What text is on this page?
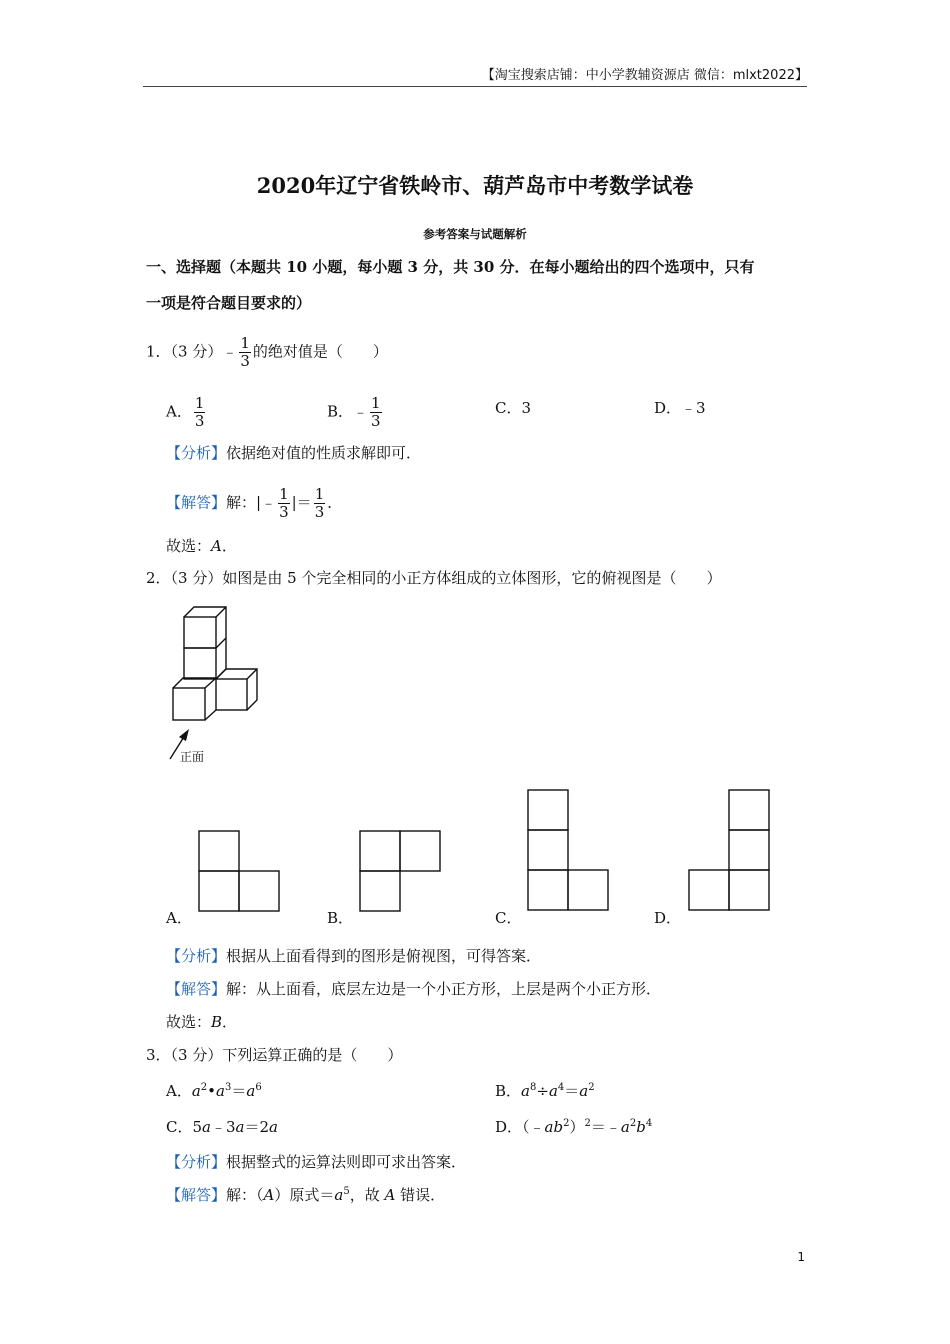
【淘宝搜索店铺：中小学教辅资源店 微信：mlxt2022】
2020年辽宁省铁岭市、葫芦岛市中考数学试卷
参考答案与试题解析
一、选择题（本题共 10 小题，每小题 3 分，共 30 分．在每小题给出的四个选项中，只有
一项是符合题目要求的）
1．（3 分）﹣ $\frac{1}{3}$ 的绝对值是（　　）
A． $\frac{1}{3}$	B．﹣ $\frac{1}{3}$	C．3	D．﹣3
【分析】依据绝对值的性质求解即可．
【解答】解：|﹣ $\frac{1}{3}$ |＝ $\frac{1}{3}$ ．
故选：A．
2．（3 分）如图是由 5 个完全相同的小正方体组成的立体图形，它的俯视图是（　　）
正面
A．	B．	C．	D．
【分析】根据从上面看得到的图形是俯视图，可得答案．
【解答】解：从上面看，底层左边是一个小正方形，上层是两个小正方形．
故选：B．
3．（3 分）下列运算正确的是（　　）
A．$a^2•a^3=a^6$	B．$a^8\div a^4=a^2$
C．5a﹣3a＝2a	D．$(﹣ab^2)^2=﹣a^2b^4$
【分析】根据整式的运算法则即可求出答案．
【解答】解：（A）原式$=a^5$，故 A 错误．
1
